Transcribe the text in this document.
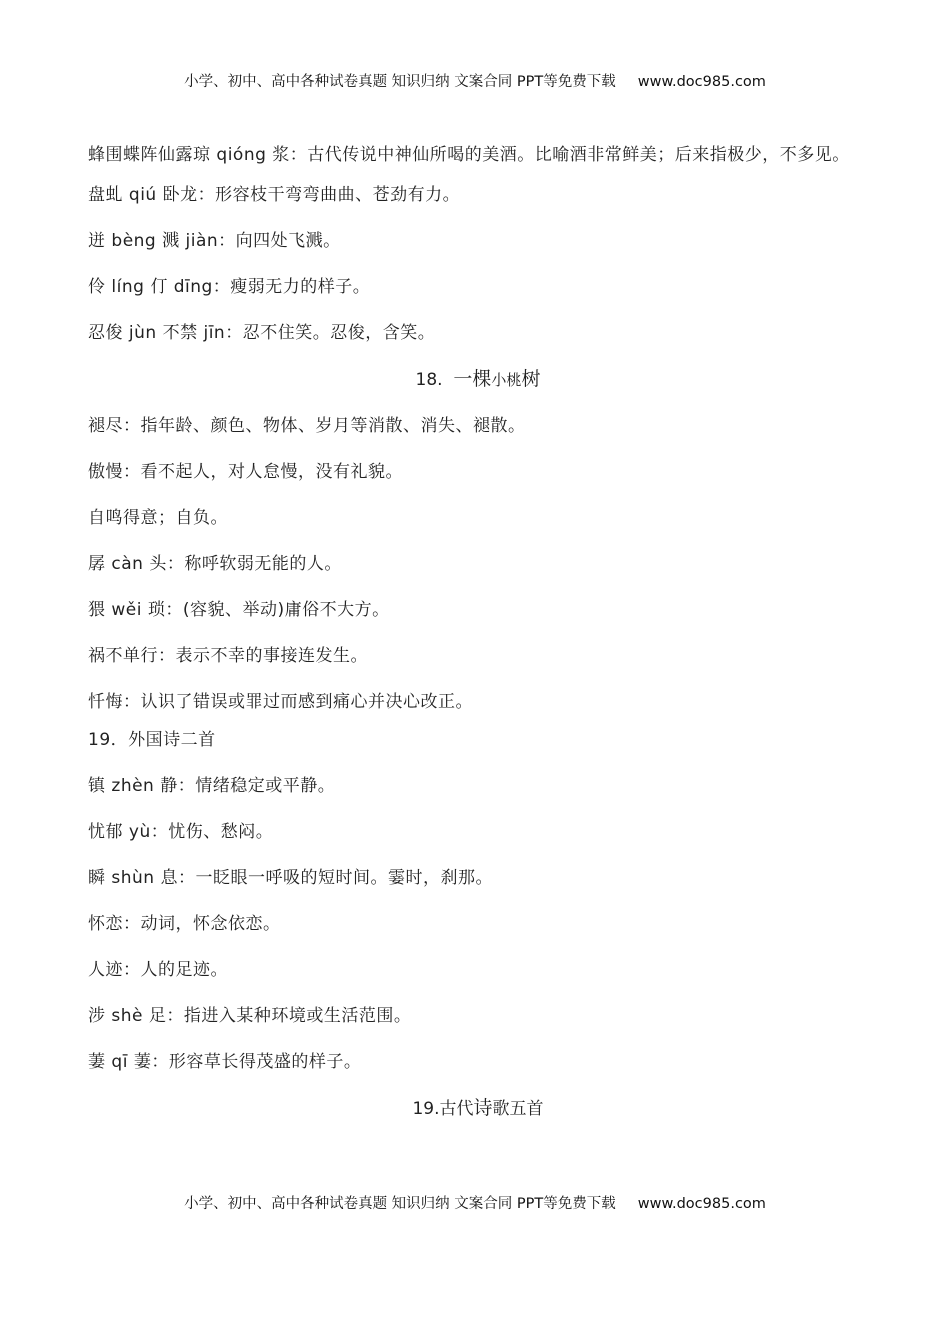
小学、初中、高中各种试卷真题 知识归纳 文案合同 PPT等免费下载 www.doc985.com

蜂围蝶阵仙露琼 qióng 浆：古代传说中神仙所喝的美酒。比喻酒非常鲜美；后来指极少，不多见。

盘虬 qiú 卧龙：形容枝干弯弯曲曲、苍劲有力。

迸 bèng 溅 jiàn：向四处飞溅。

伶 líng 仃 dīng：瘦弱无力的样子。

忍俊 jùn 不禁 jīn：忍不住笑。忍俊，含笑。

18. 一棵小桃树

褪尽：指年龄、颜色、物体、岁月等消散、消失、褪散。

傲慢：看不起人，对人怠慢，没有礼貌。

自鸣得意；自负。

孱 càn 头：称呼软弱无能的人。

猥 wěi 琐：(容貌、举动)庸俗不大方。

祸不单行：表示不幸的事接连发生。

忏悔：认识了错误或罪过而感到痛心并决心改正。

19．外国诗二首

镇 zhèn 静：情绪稳定或平静。

忧郁 yù：忧伤、愁闷。

瞬 shùn 息：一眨眼一呼吸的短时间。霎时，刹那。

怀恋：动词，怀念依恋。

人迹：人的足迹。

涉 shè 足：指进入某种环境或生活范围。

萋 qī 萋：形容草长得茂盛的样子。

19.古代诗歌五首
小学、初中、高中各种试卷真题 知识归纳 文案合同 PPT等免费下载 www.doc985.com
